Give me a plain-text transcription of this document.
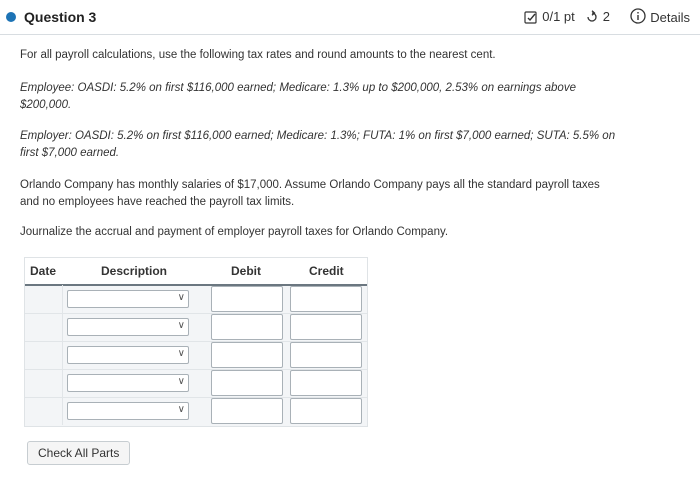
Question 3	0/1 pt 2	Details
For all payroll calculations, use the following tax rates and round amounts to the nearest cent.
Employee: OASDI: 5.2% on first $116,000 earned; Medicare: 1.3% up to $200,000, 2.53% on earnings above $200,000.
Employer: OASDI: 5.2% on first $116,000 earned; Medicare: 1.3%; FUTA: 1% on first $7,000 earned; SUTA: 5.5% on first $7,000 earned.
Orlando Company has monthly salaries of $17,000. Assume Orlando Company pays all the standard payroll taxes and no employees have reached the payroll tax limits.
Journalize the accrual and payment of employer payroll taxes for Orlando Company.
Date	Description	Debit	Credit
∨
∨
∨
∨
∨
Check All Parts
